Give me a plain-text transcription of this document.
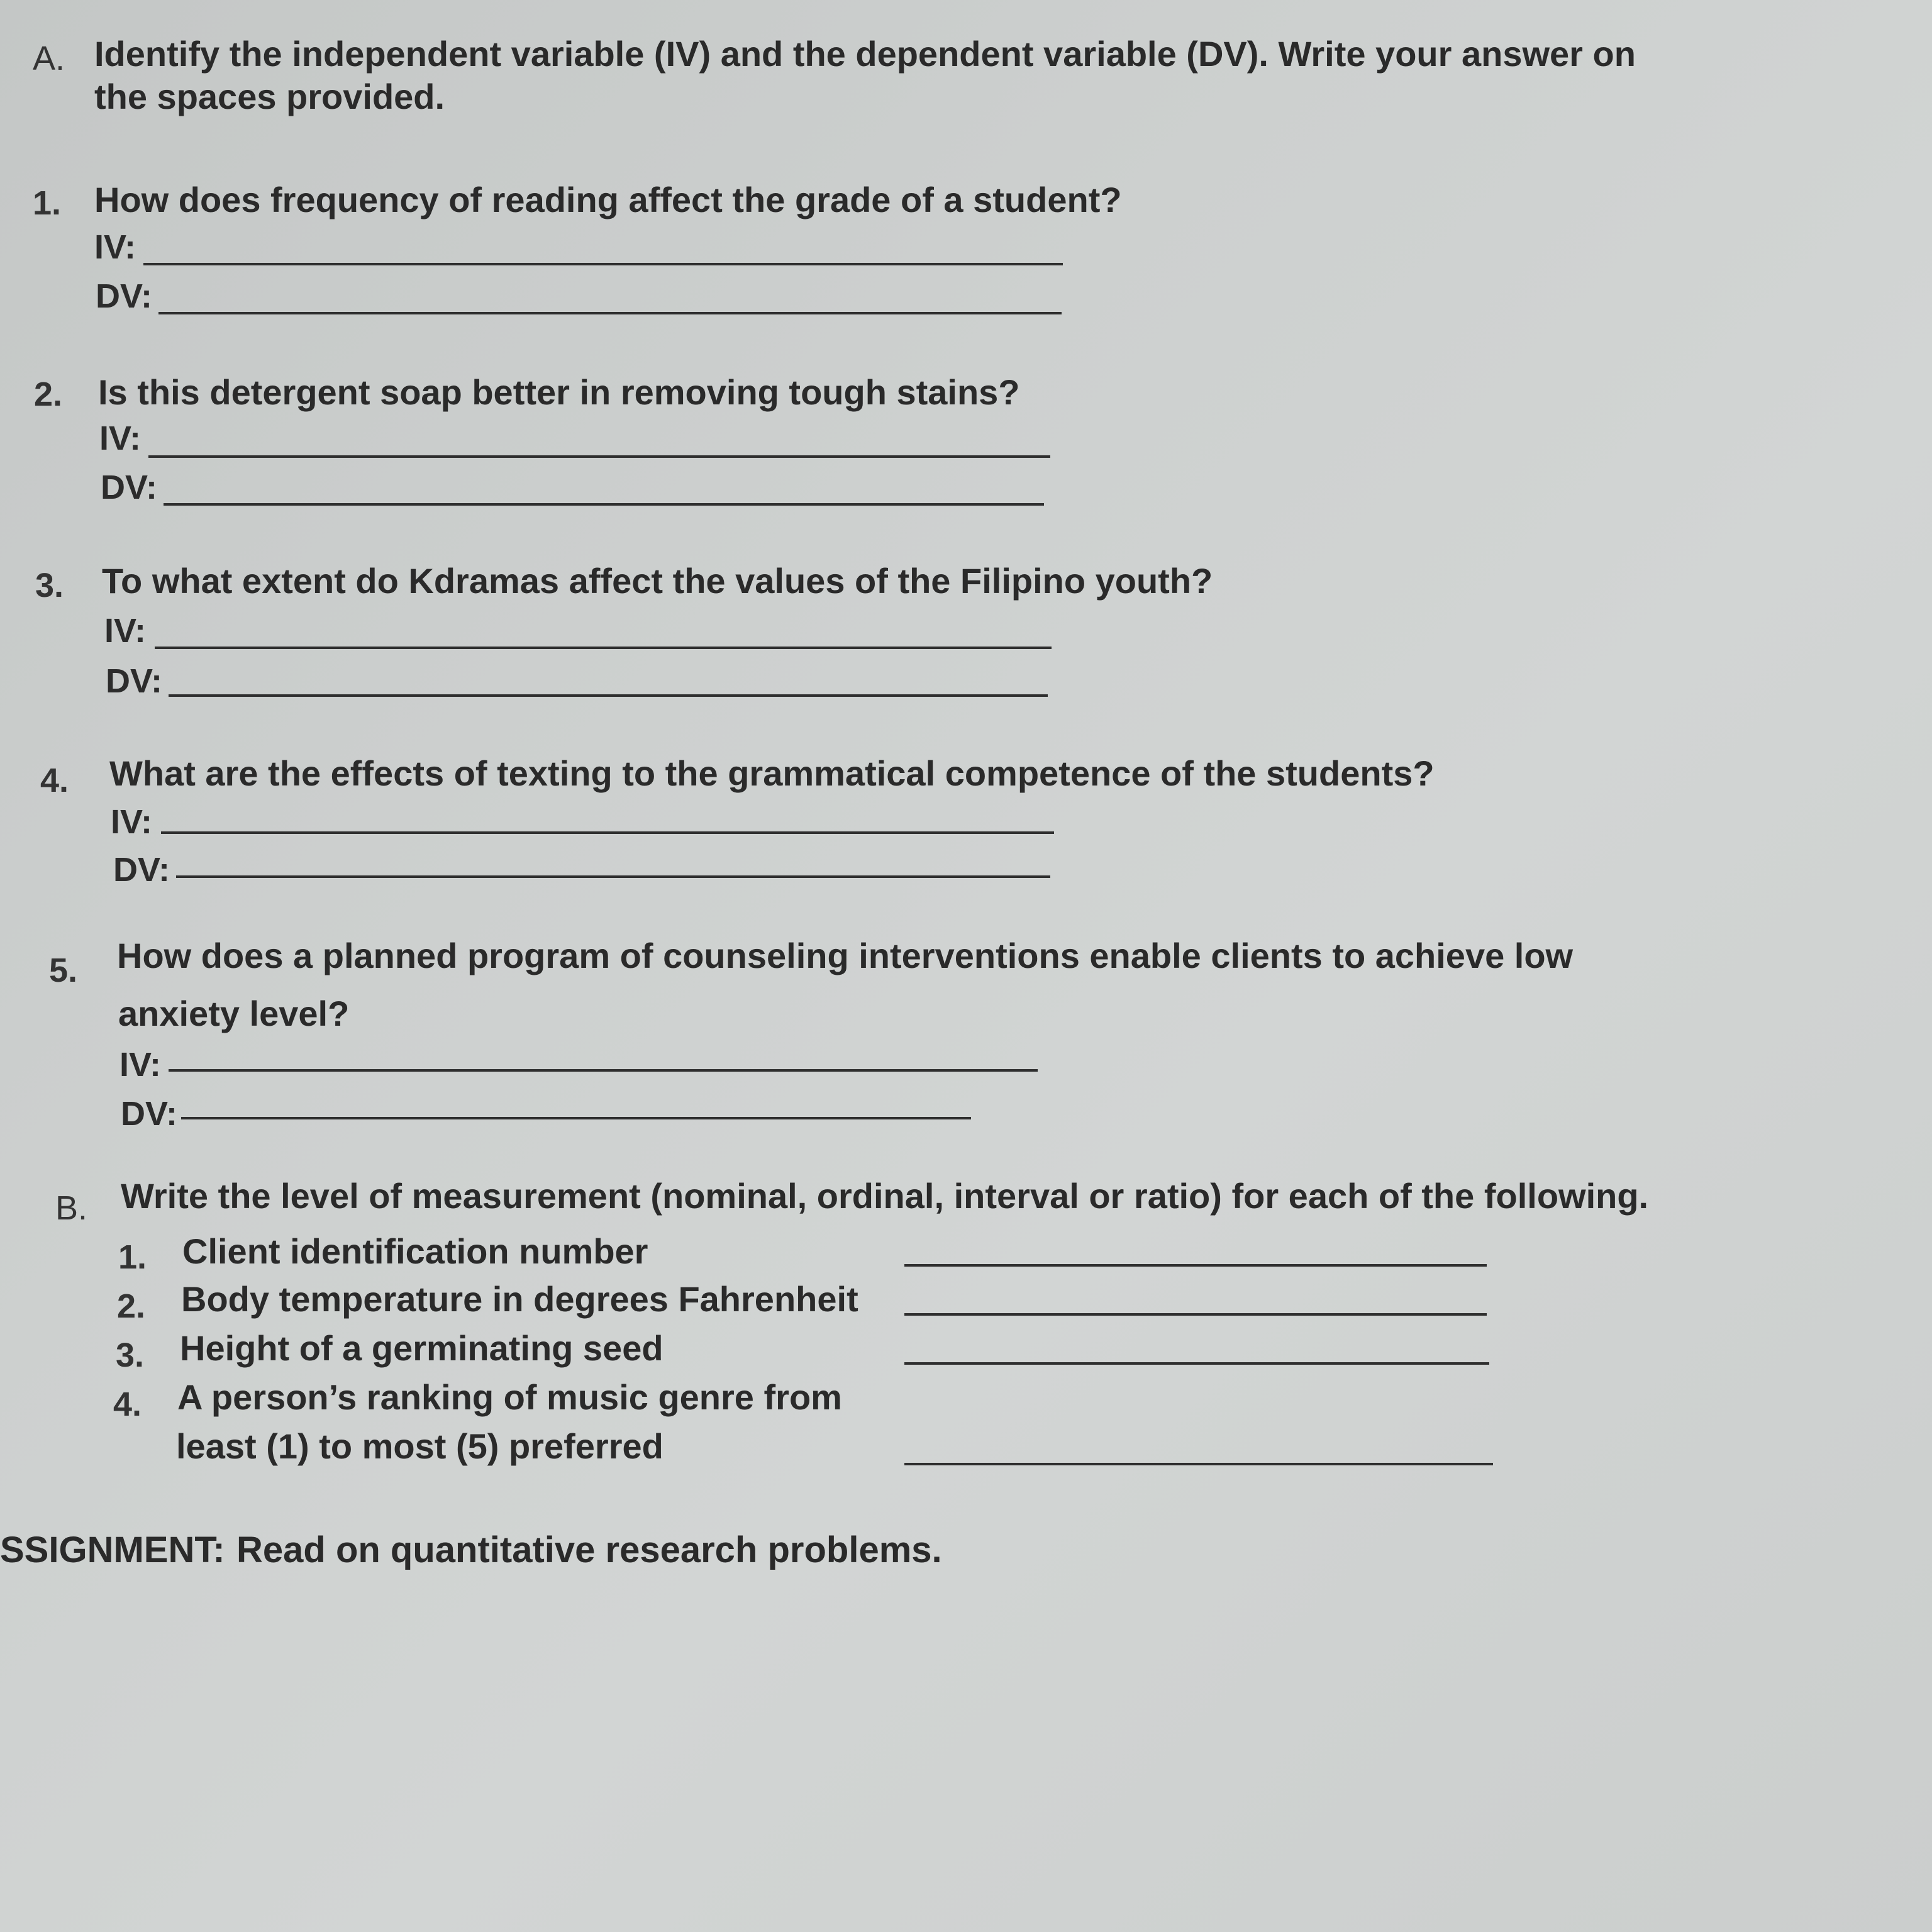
A. Identify the independent variable (IV) and the dependent variable (DV). Write your answer on
the spaces provided.
1. How does frequency of reading affect the grade of a student?
IV:
DV:
2. Is this detergent soap better in removing tough stains?
IV:
DV:
3. To what extent do Kdramas affect the values of the Filipino youth?
IV:
DV:
4. What are the effects of texting to the grammatical competence of the students?
IV:
DV:
5. How does a planned program of counseling interventions enable clients to achieve low
anxiety level?
IV:
DV:
B. Write the level of measurement (nominal, ordinal, interval or ratio) for each of the following.
1. Client identification number
2. Body temperature in degrees Fahrenheit
3. Height of a germinating seed
4. A person’s ranking of music genre from
least (1) to most (5) preferred
SSIGNMENT: Read on quantitative research problems.
